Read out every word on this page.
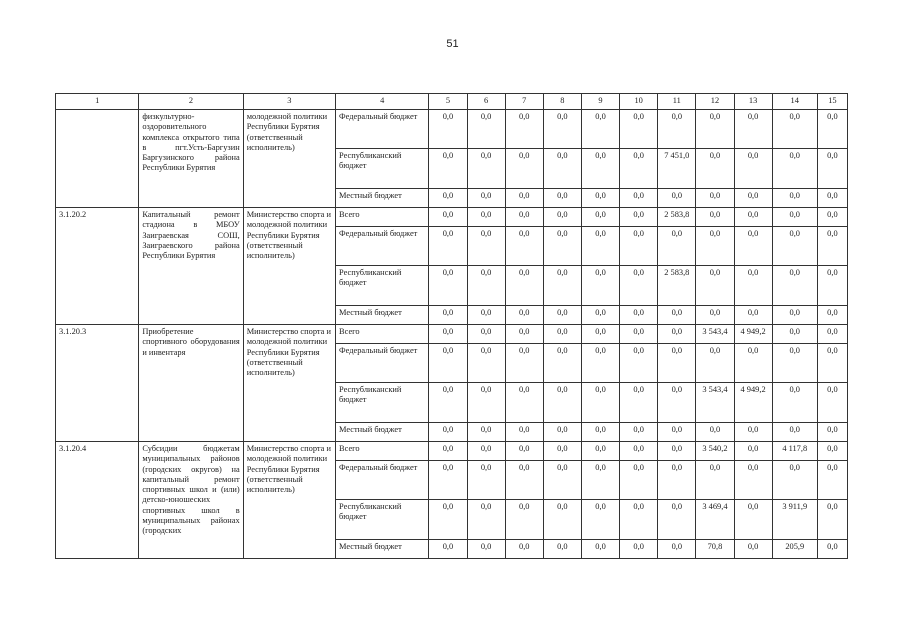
51
1	2	3	4	5	6	7	8	9	10	11	12	13	14	15
	физкультурно-оздоровительного комплекса открытого типа в пгт.Усть-Баргузин Баргузинского района Республики Бурятия	молодежной политики Республики Бурятия (ответственный исполнитель)	Федеральный бюджет	0,0	0,0	0,0	0,0	0,0	0,0	0,0	0,0	0,0	0,0	0,0
			Республиканский бюджет	0,0	0,0	0,0	0,0	0,0	0,0	7 451,0	0,0	0,0	0,0	0,0
			Местный бюджет	0,0	0,0	0,0	0,0	0,0	0,0	0,0	0,0	0,0	0,0	0,0
3.1.20.2	Капитальный ремонт стадиона в МБОУ Заиграевская СОШ, Заиграевского района Республики Бурятия	Министерство спорта и молодежной политики Республики Бурятия (ответственный исполнитель)	Всего	0,0	0,0	0,0	0,0	0,0	0,0	2 583,8	0,0	0,0	0,0	0,0
			Федеральный бюджет	0,0	0,0	0,0	0,0	0,0	0,0	0,0	0,0	0,0	0,0	0,0
			Республиканский бюджет	0,0	0,0	0,0	0,0	0,0	0,0	2 583,8	0,0	0,0	0,0	0,0
			Местный бюджет	0,0	0,0	0,0	0,0	0,0	0,0	0,0	0,0	0,0	0,0	0,0
3.1.20.3	Приобретение спортивного оборудования и инвентаря	Министерство спорта и молодежной политики Республики Бурятия (ответственный исполнитель)	Всего	0,0	0,0	0,0	0,0	0,0	0,0	0,0	3 543,4	4 949,2	0,0	0,0
			Федеральный бюджет	0,0	0,0	0,0	0,0	0,0	0,0	0,0	0,0	0,0	0,0	0,0
			Республиканский бюджет	0,0	0,0	0,0	0,0	0,0	0,0	0,0	3 543,4	4 949,2	0,0	0,0
			Местный бюджет	0,0	0,0	0,0	0,0	0,0	0,0	0,0	0,0	0,0	0,0	0,0
3.1.20.4	Субсидии бюджетам муниципальных районов (городских округов) на капитальный ремонт спортивных школ и (или) детско-юношеских спортивных школ в муниципальных районах (городских	Министерство спорта и молодежной политики Республики Бурятия (ответственный исполнитель)	Всего	0,0	0,0	0,0	0,0	0,0	0,0	0,0	3 540,2	0,0	4 117,8	0,0
			Федеральный бюджет	0,0	0,0	0,0	0,0	0,0	0,0	0,0	0,0	0,0	0,0	0,0
			Республиканский бюджет	0,0	0,0	0,0	0,0	0,0	0,0	0,0	3 469,4	0,0	3 911,9	0,0
			Местный бюджет	0,0	0,0	0,0	0,0	0,0	0,0	0,0	70,8	0,0	205,9	0,0
